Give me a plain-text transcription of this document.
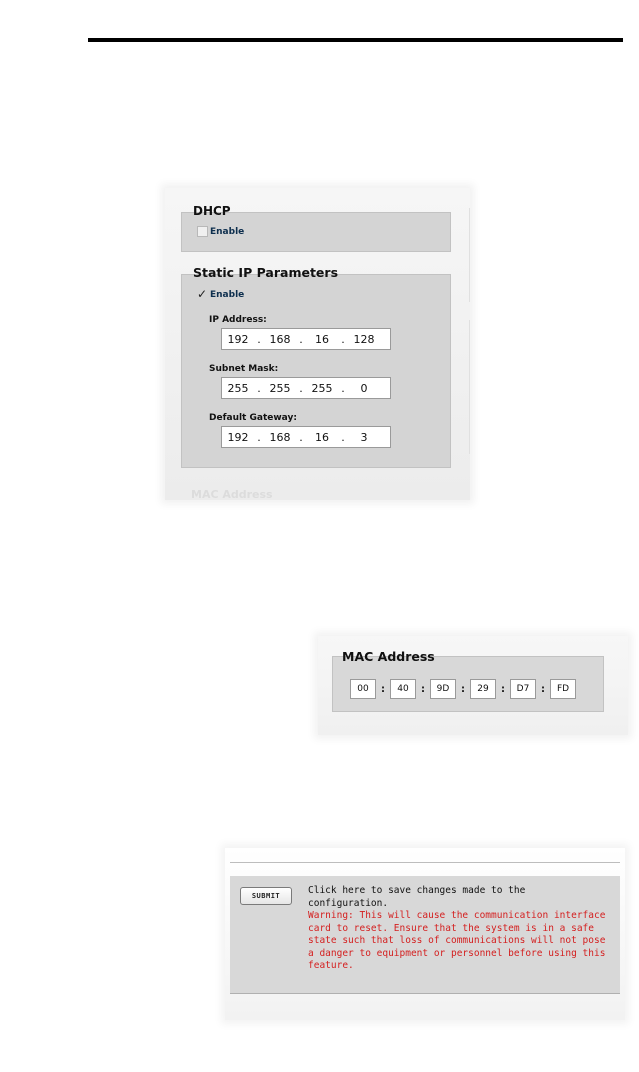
DHCP
Enable
Static IP Parameters
✓ Enable
IP Address:
192 . 168 .	16	. 128
Subnet Mask:
255 . 255 . 255 .	0
Default Gateway:
192 . 168 .	16	.	3
MAC Address
MAC Address
00	:	40	:	9D	:	29	:	D7	:	FD
SUBMIT	Click here to save changes made to the configuration.
Warning: This will cause the communication interface card to reset. Ensure that the system is in a safe state such that loss of communications will not pose a danger to equipment or personnel before using this feature.
